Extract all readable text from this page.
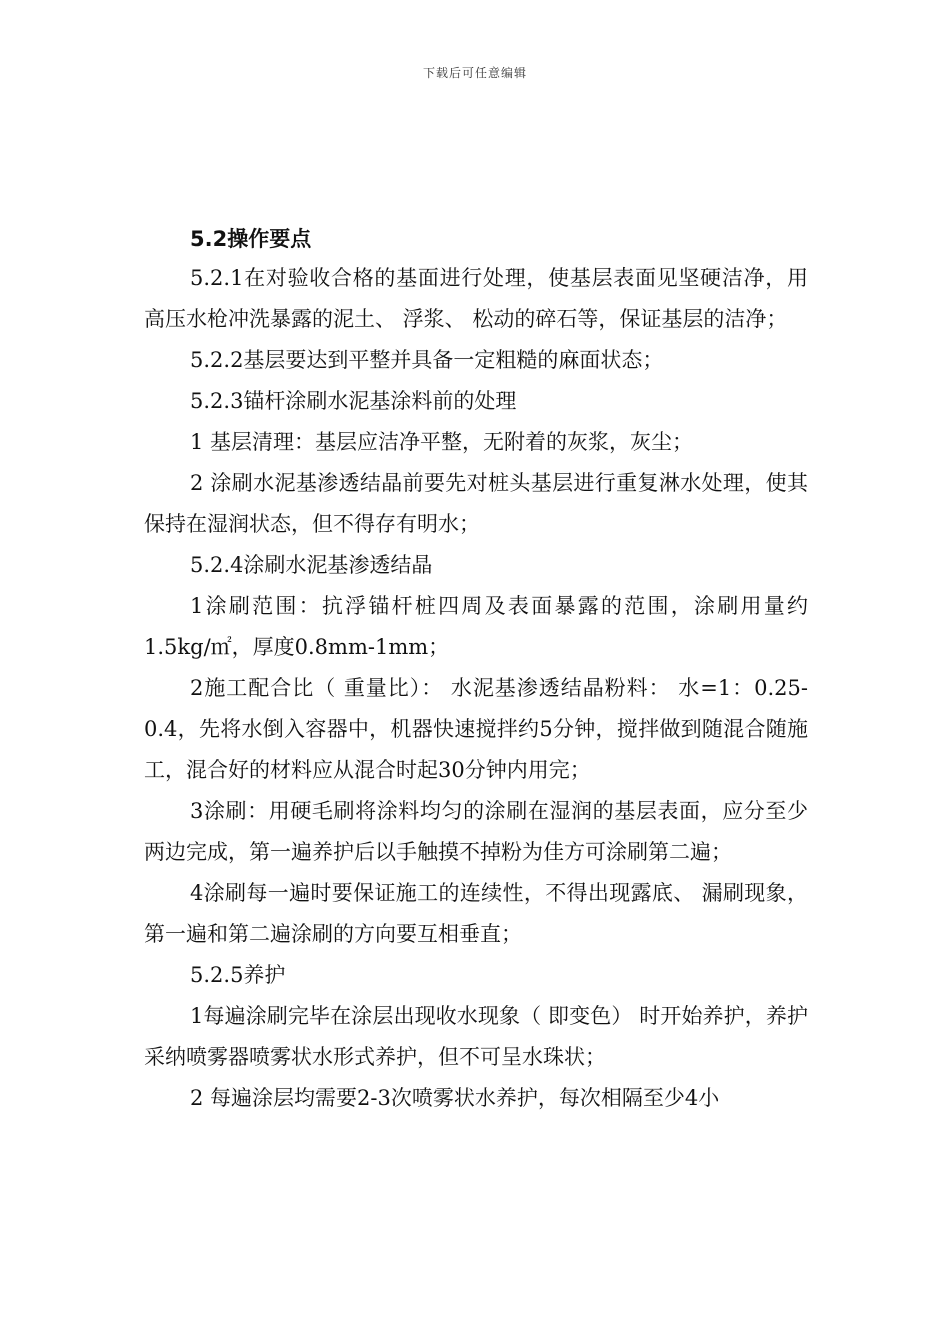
下载后可任意编辑

5.2操作要点

5.2.1在对验收合格的基面进行处理，使基层表面见坚硬洁净，用高压水枪冲洗暴露的泥土、 浮浆、 松动的碎石等，保证基层的洁净；

5.2.2基层要达到平整并具备一定粗糙的麻面状态；

5.2.3锚杆涂刷水泥基涂料前的处理

1 基层清理：基层应洁净平整，无附着的灰浆，灰尘；

2 涂刷水泥基渗透结晶前要先对桩头基层进行重复淋水处理，使其保持在湿润状态，但不得存有明水；

5.2.4涂刷水泥基渗透结晶

1涂刷范围：抗浮锚杆桩四周及表面暴露的范围，涂刷用量约1.5kg/㎡，厚度0.8mm-1mm；

2施工配合比（ 重量比）： 水泥基渗透结晶粉料： 水=1：0.25-0.4，先将水倒入容器中，机器快速搅拌约5分钟，搅拌做到随混合随施工，混合好的材料应从混合时起30分钟内用完；

3涂刷：用硬毛刷将涂料均匀的涂刷在湿润的基层表面，应分至少两边完成，第一遍养护后以手触摸不掉粉为佳方可涂刷第二遍；

4涂刷每一遍时要保证施工的连续性，不得出现露底、 漏刷现象，第一遍和第二遍涂刷的方向要互相垂直；

5.2.5养护

1每遍涂刷完毕在涂层出现收水现象（ 即变色） 时开始养护，养护采纳喷雾器喷雾状水形式养护，但不可呈水珠状；

2 每遍涂层均需要2-3次喷雾状水养护，每次相隔至少4小
